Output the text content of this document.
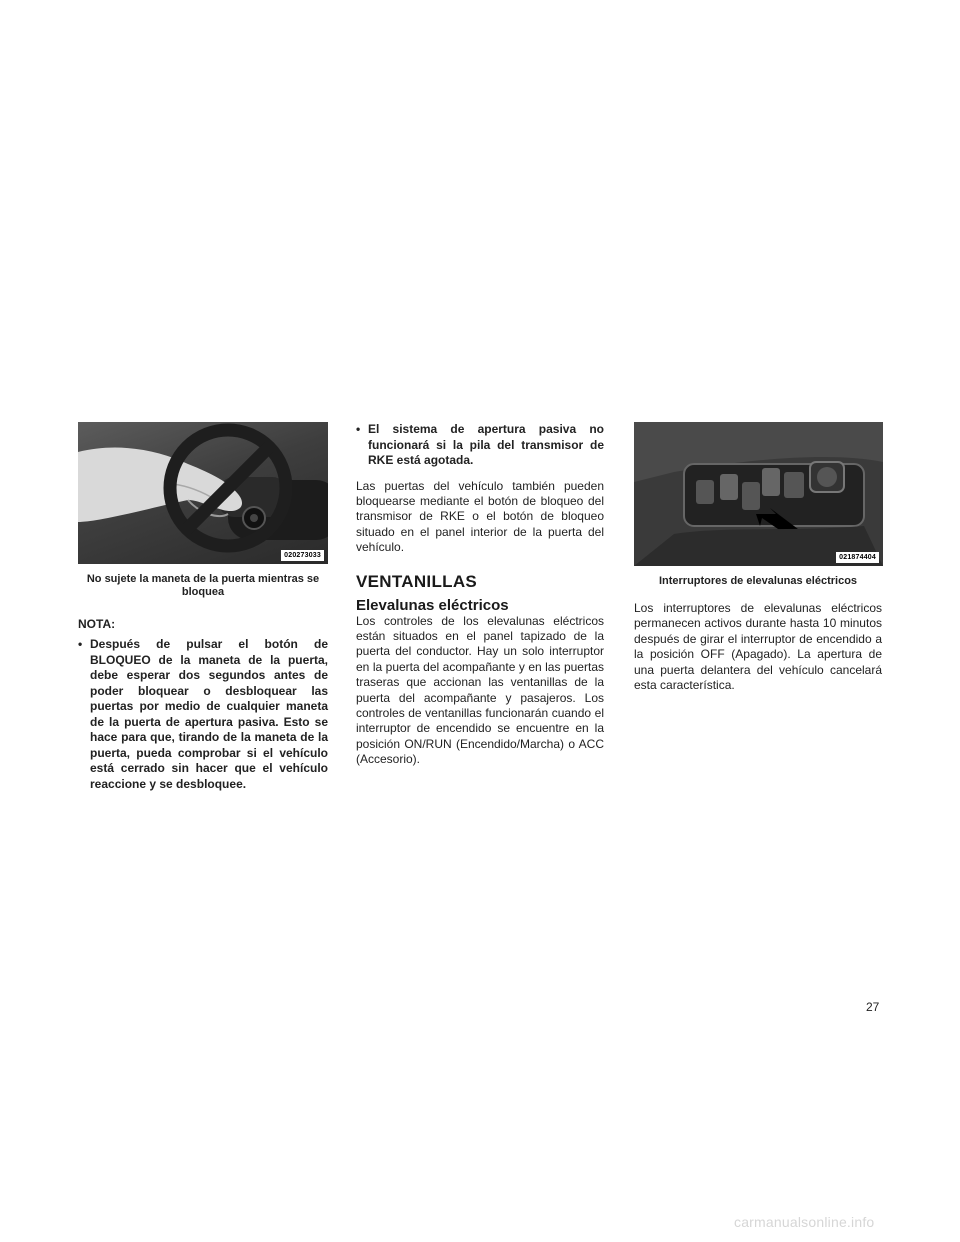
020273033
No sujete la maneta de la puerta mientras se bloquea
NOTA:
• Después de pulsar el botón de BLOQUEO de la maneta de la puerta, debe esperar dos segundos antes de poder bloquear o desbloquear las puertas por medio de cualquier maneta de la puerta de apertura pasiva. Esto se hace para que, tirando de la maneta de la puerta, pueda comprobar si el vehículo está cerrado sin hacer que el vehículo reaccione y se desbloquee.
• El sistema de apertura pasiva no funcionará si la pila del transmisor de RKE está agotada.

Las puertas del vehículo también pueden bloquearse mediante el botón de bloqueo del transmisor de RKE o el botón de bloqueo situado en el panel interior de la puerta del vehículo.

VENTANILLAS
Elevalunas eléctricos

Los controles de los elevalunas eléctricos están situados en el panel tapizado de la puerta del conductor. Hay un solo interruptor en la puerta del acompañante y en las puertas traseras que accionan las ventanillas de la puerta del acompañante y pasajeros. Los controles de ventanillas funcionarán cuando el interruptor de encendido se encuentre en la posición ON/RUN (Encendido/Marcha) o ACC (Accesorio).

021874404
Interruptores de elevalunas eléctricos

Los interruptores de elevalunas eléctricos permanecen activos durante hasta 10 minutos después de girar el interruptor de encendido a la posición OFF (Apagado). La apertura de una puerta delantera del vehículo cancelará esta característica.

27
carmanualsonline.info
